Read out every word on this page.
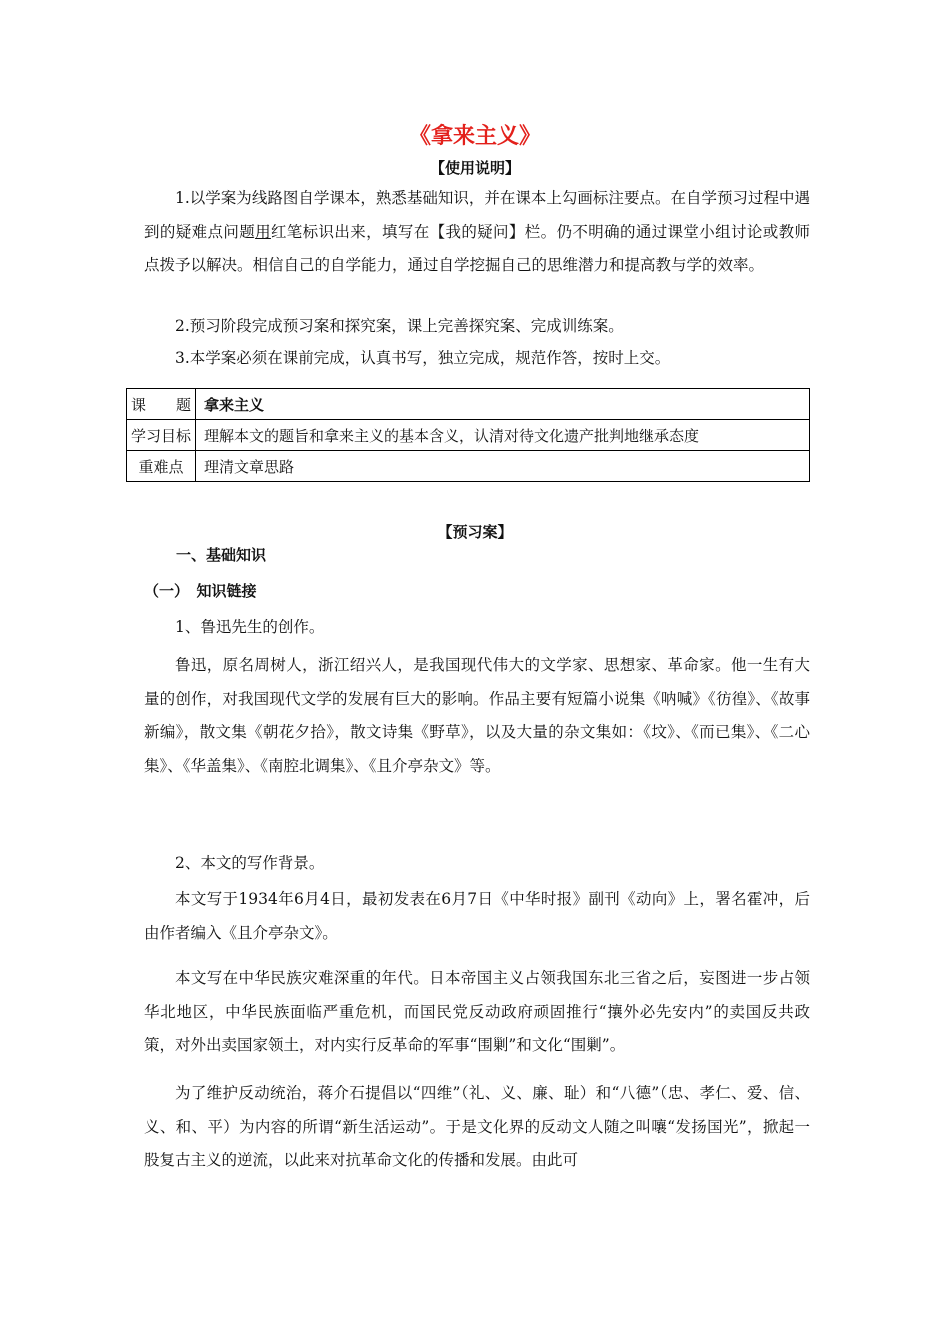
《拿来主义》
【使用说明】

1.以学案为线路图自学课本，熟悉基础知识，并在课本上勾画标注要点。在自学预习过程中遇到的疑难点问题用红笔标识出来，填写在【我的疑问】栏。仍不明确的通过课堂小组讨论或教师点拨予以解决。相信自己的自学能力，通过自学挖掘自己的思维潜力和提高教与学的效率。

2.预习阶段完成预习案和探究案，课上完善探究案、完成训练案。

3.本学案必须在课前完成，认真书写，独立完成，规范作答，按时上交。

课　　题	拿来主义
学习目标	理解本文的题旨和拿来主义的基本含义，认清对待文化遗产批判地继承态度
重难点	理清文章思路
【预习案】
一、基础知识
（一）　知识链接

1、鲁迅先生的创作。

鲁迅，原名周树人，浙江绍兴人，是我国现代伟大的文学家、思想家、革命家。他一生有大量的创作，对我国现代文学的发展有巨大的影响。作品主要有短篇小说集《呐喊》《彷徨》、《故事新编》，散文集《朝花夕拾》，散文诗集《野草》，以及大量的杂文集如：《坟》、《而已集》、《二心集》、《华盖集》、《南腔北调集》、《且介亭杂文》等。

2、本文的写作背景。

本文写于1934年6月4日，最初发表在6月7日《中华时报》副刊《动向》上，署名霍冲，后由作者编入《且介亭杂文》。

本文写在中华民族灾难深重的年代。日本帝国主义占领我国东北三省之后，妄图进一步占领华北地区，中华民族面临严重危机，而国民党反动政府顽固推行“攘外必先安内”的卖国反共政策，对外出卖国家领土，对内实行反革命的军事“围剿”和文化“围剿”。

为了维护反动统治，蒋介石提倡以“四维”（礼、义、廉、耻）和“八德”（忠、孝仁、爱、信、义、和、平）为内容的所谓“新生活运动”。于是文化界的反动文人随之叫嚷“发扬国光”，掀起一股复古主义的逆流，以此来对抗革命文化的传播和发展。由此可
